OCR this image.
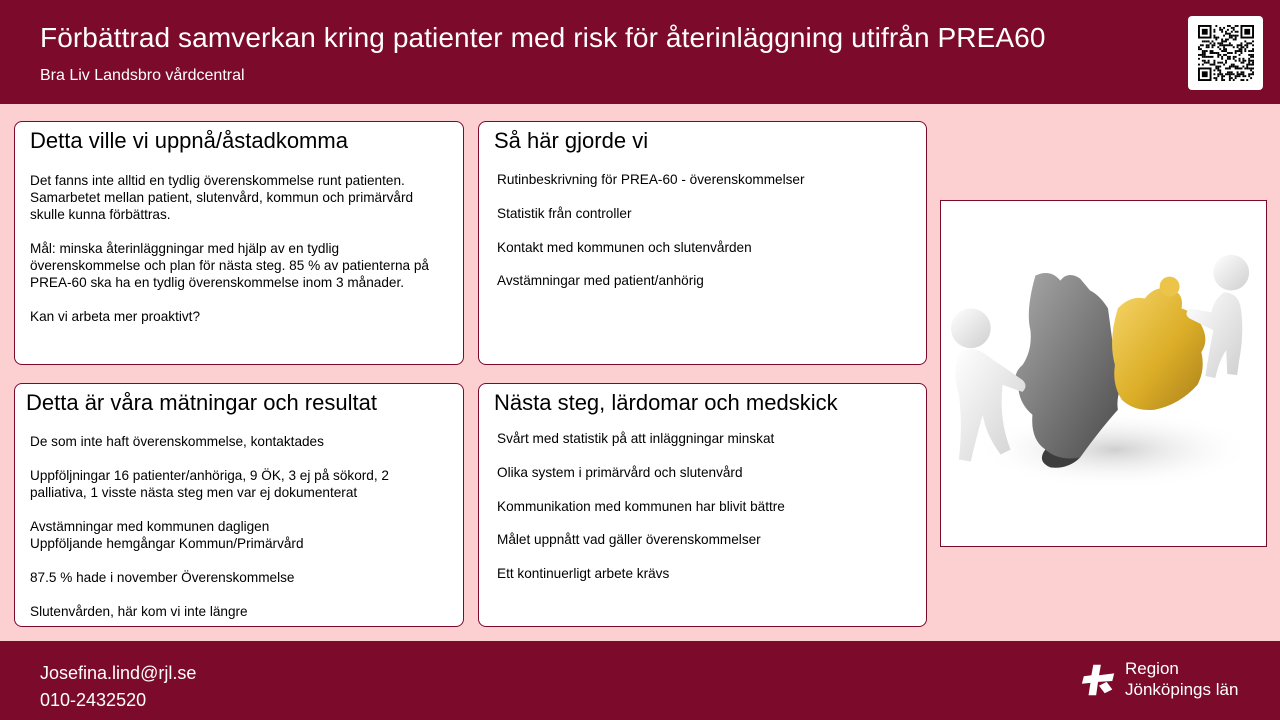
Förbättrad samverkan kring patienter med risk för återinläggning utifrån PREA60
Bra Liv Landsbro vårdcentral
Detta ville vi uppnå/åstadkomma

Det fanns inte alltid en tydlig överenskommelse runt patienten. Samarbetet mellan patient, slutenvård, kommun och primärvård skulle kunna förbättras.

Mål: minska återinläggningar med hjälp av en tydlig överenskommelse och plan för nästa steg. 85 % av patienterna på PREA-60 ska ha en tydlig överenskommelse inom 3 månader.

Kan vi arbeta mer proaktivt?

Så här gjorde vi
Rutinbeskrivning för PREA-60 - överenskommelser
Statistik från controller
Kontakt med kommunen och slutenvården
Avstämningar med patient/anhörig
Detta är våra mätningar och resultat

De som inte haft överenskommelse, kontaktades

Uppföljningar 16 patienter/anhöriga, 9 ÖK, 3 ej på sökord, 2 palliativa, 1 visste nästa steg men var ej dokumenterat

Avstämningar med kommunen dagligen

Uppföljande hemgångar Kommun/Primärvård

87.5 % hade i november Överenskommelse

Slutenvården, här kom vi inte längre

Nästa steg, lärdomar och medskick
Svårt med statistik på att inläggningar minskat
Olika system i primärvård och slutenvård
Kommunikation med kommunen har blivit bättre
Målet uppnått vad gäller överenskommelser
Ett kontinuerligt arbete krävs
Josefina.lind@rjl.se
010-2432520
Region
Jönköpings län
